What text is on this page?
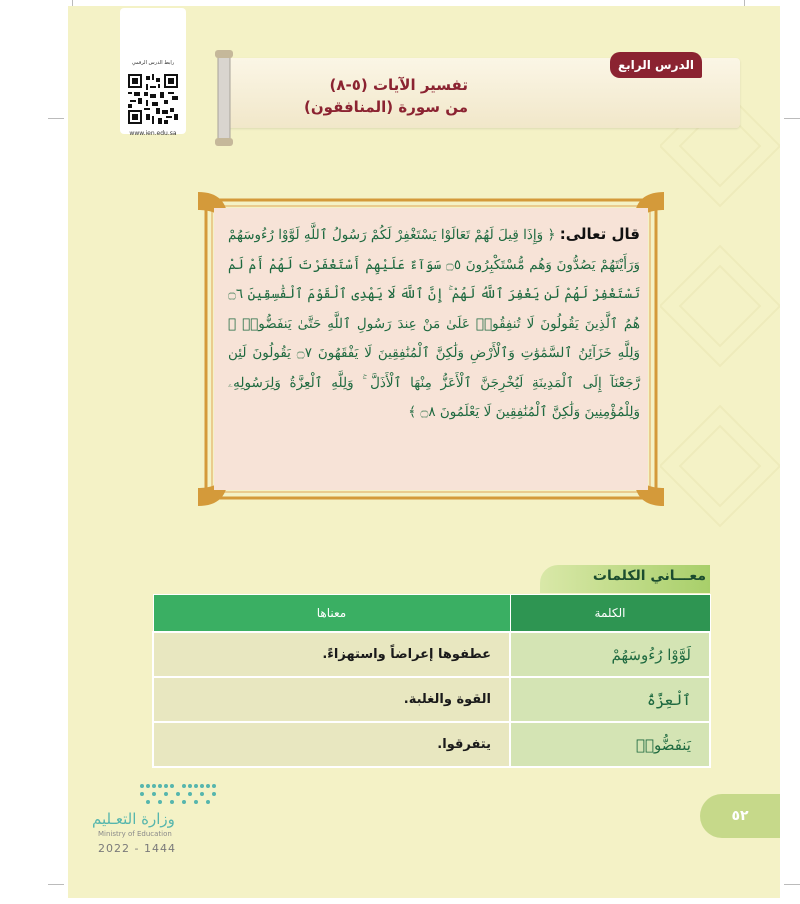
رابط الدرس الرقمي
www.ien.edu.sa
الدرس الرابع
تفسير الآيات (٥-٨)
من سورة (المنافقون)
قال تعالى: ﴿ وَإِذَا قِيلَ لَهُمْ تَعَالَوْا يَسْتَغْفِرْ لَكُمْ رَسُولُ ٱللَّهِ لَوَّوْا رُءُوسَهُمْ وَرَأَيْتَهُمْ يَصُدُّونَ وَهُم مُّسْتَكْبِرُونَ ۝٥ سَوَآءٌ عَلَيْهِمْ أَسْتَغْفَرْتَ لَهُمْ أَمْ لَمْ تَسْتَغْفِرْ لَهُمْ لَن يَغْفِرَ ٱللَّهُ لَهُمْ ۚ إِنَّ ٱللَّهَ لَا يَهْدِى ٱلْقَوْمَ ٱلْفَٰسِقِينَ ۝٦ هُمُ ٱلَّذِينَ يَقُولُونَ لَا تُنفِقُوا۟ عَلَىٰ مَنْ عِندَ رَسُولِ ٱللَّهِ حَتَّىٰ يَنفَضُّوا۟ ۗ وَلِلَّهِ خَزَآئِنُ ٱلسَّمَٰوَٰتِ وَٱلْأَرْضِ وَلَٰكِنَّ ٱلْمُنَٰفِقِينَ لَا يَفْقَهُونَ ۝٧ يَقُولُونَ لَئِن رَّجَعْنَآ إِلَى ٱلْمَدِينَةِ لَيُخْرِجَنَّ ٱلْأَعَزُّ مِنْهَا ٱلْأَذَلَّ ۚ وَلِلَّهِ ٱلْعِزَّةُ وَلِرَسُولِهِۦ وَلِلْمُؤْمِنِينَ وَلَٰكِنَّ ٱلْمُنَٰفِقِينَ لَا يَعْلَمُونَ ۝٨ ﴾
معـــاني الكلمات
الكلمة	معناها
لَوَّوْا رُءُوسَهُمْ	عطفوها إعراضاً واستهزاءً.
ٱلْعِزَّةُ	القوة والغلبة.
يَنفَضُّوا۟	يتفرقوا.
وزارة التعـليم
Ministry of Education
2022 - 1444
٥٢
